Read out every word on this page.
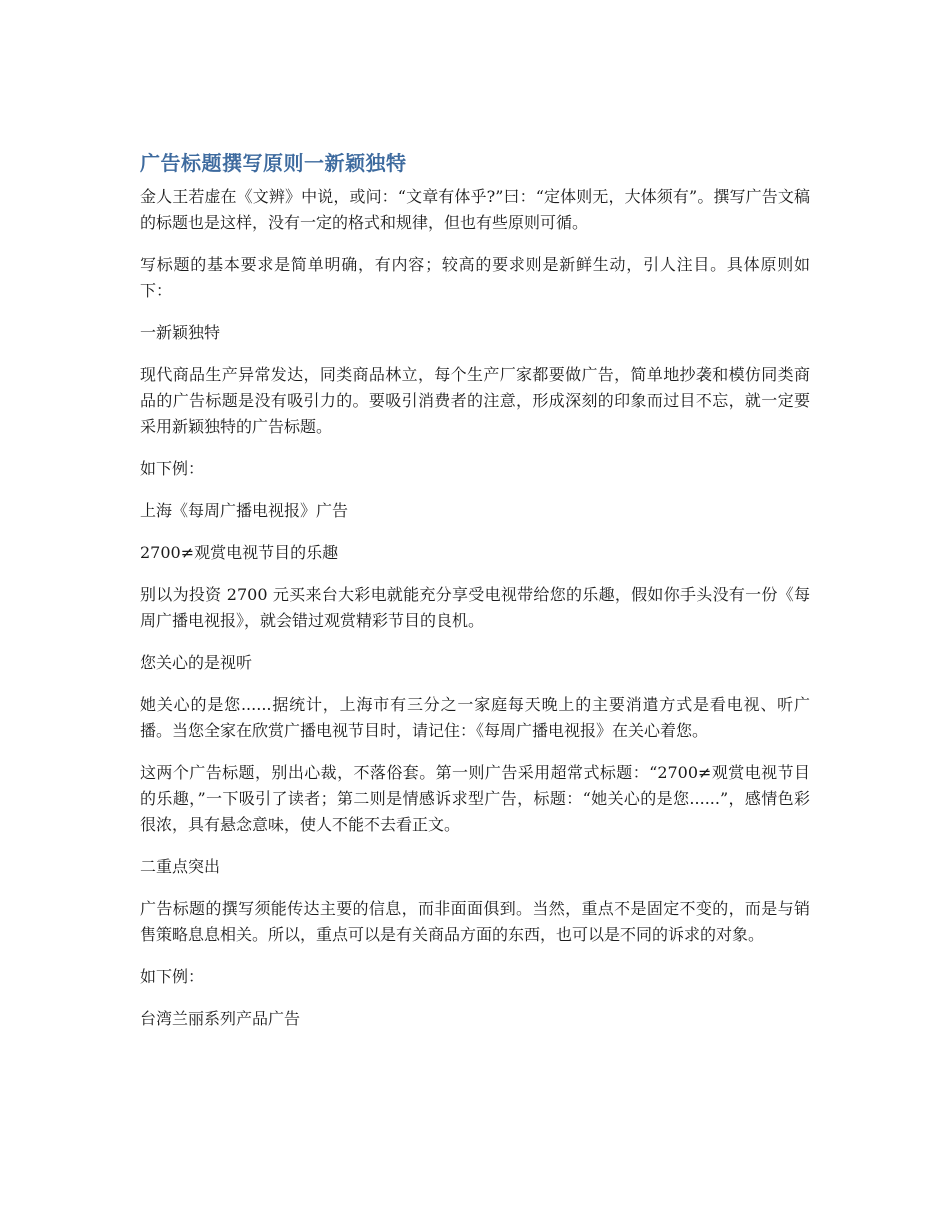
广告标题撰写原则一新颖独特

金人王若虚在《文辨》中说，或问：“文章有体乎?”曰：“定体则无，大体须有”。撰写广告文稿的标题也是这样，没有一定的格式和规律，但也有些原则可循。

写标题的基本要求是简单明确，有内容；较高的要求则是新鲜生动，引人注目。具体原则如下：

一新颖独特

现代商品生产异常发达，同类商品林立，每个生产厂家都要做广告，简单地抄袭和模仿同类商品的广告标题是没有吸引力的。要吸引消费者的注意，形成深刻的印象而过目不忘，就一定要采用新颖独特的广告标题。

如下例：

上海《每周广播电视报》广告

2700≠观赏电视节目的乐趣

别以为投资 2700 元买来台大彩电就能充分享受电视带给您的乐趣，假如你手头没有一份《每周广播电视报》，就会错过观赏精彩节目的良机。

您关心的是视听

她关心的是您......据统计，上海市有三分之一家庭每天晚上的主要消遣方式是看电视、听广播。当您全家在欣赏广播电视节目时，请记住：《每周广播电视报》在关心着您。

这两个广告标题，别出心裁，不落俗套。第一则广告采用超常式标题：“2700≠观赏电视节目的乐趣，”一下吸引了读者；第二则是情感诉求型广告，标题：“她关心的是您......”，感情色彩很浓，具有悬念意味，使人不能不去看正文。

二重点突出

广告标题的撰写须能传达主要的信息，而非面面俱到。当然，重点不是固定不变的，而是与销售策略息息相关。所以，重点可以是有关商品方面的东西，也可以是不同的诉求的对象。

如下例：

台湾兰丽系列产品广告
